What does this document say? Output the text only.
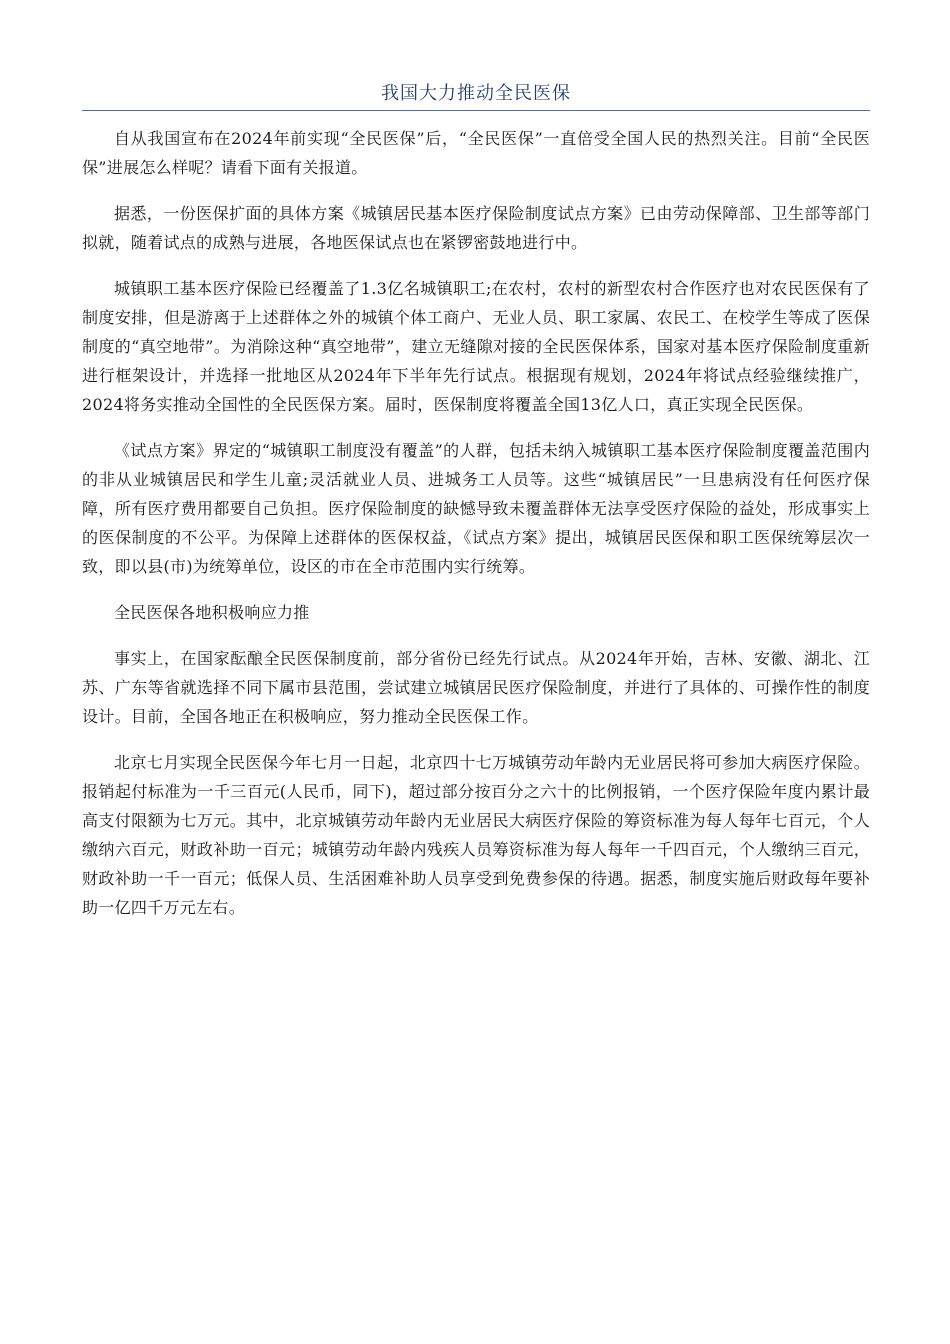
我国大力推动全民医保

自从我国宣布在2024年前实现“全民医保”后，“全民医保”一直倍受全国人民的热烈关注。目前“全民医保”进展怎么样呢？请看下面有关报道。

据悉，一份医保扩面的具体方案《城镇居民基本医疗保险制度试点方案》已由劳动保障部、卫生部等部门拟就，随着试点的成熟与进展，各地医保试点也在紧锣密鼓地进行中。

城镇职工基本医疗保险已经覆盖了1.3亿名城镇职工;在农村，农村的新型农村合作医疗也对农民医保有了制度安排，但是游离于上述群体之外的城镇个体工商户、无业人员、职工家属、农民工、在校学生等成了医保制度的“真空地带”。为消除这种“真空地带”，建立无缝隙对接的全民医保体系，国家对基本医疗保险制度重新进行框架设计，并选择一批地区从2024年下半年先行试点。根据现有规划，2024年将试点经验继续推广，2024将务实推动全国性的全民医保方案。届时，医保制度将覆盖全国13亿人口，真正实现全民医保。

《试点方案》界定的“城镇职工制度没有覆盖”的人群，包括未纳入城镇职工基本医疗保险制度覆盖范围内的非从业城镇居民和学生儿童;灵活就业人员、进城务工人员等。这些“城镇居民”一旦患病没有任何医疗保障，所有医疗费用都要自己负担。医疗保险制度的缺憾导致未覆盖群体无法享受医疗保险的益处，形成事实上的医保制度的不公平。为保障上述群体的医保权益，《试点方案》提出，城镇居民医保和职工医保统筹层次一致，即以县(市)为统筹单位，设区的市在全市范围内实行统筹。

全民医保各地积极响应力推

事实上，在国家酝酿全民医保制度前，部分省份已经先行试点。从2024年开始，吉林、安徽、湖北、江苏、广东等省就选择不同下属市县范围，尝试建立城镇居民医疗保险制度，并进行了具体的、可操作性的制度设计。目前，全国各地正在积极响应，努力推动全民医保工作。

北京七月实现全民医保今年七月一日起，北京四十七万城镇劳动年龄内无业居民将可参加大病医疗保险。报销起付标准为一千三百元(人民币，同下)，超过部分按百分之六十的比例报销，一个医疗保险年度内累计最高支付限额为七万元。其中，北京城镇劳动年龄内无业居民大病医疗保险的筹资标准为每人每年七百元，个人缴纳六百元，财政补助一百元；城镇劳动年龄内残疾人员筹资标准为每人每年一千四百元，个人缴纳三百元，财政补助一千一百元；低保人员、生活困难补助人员享受到免费参保的待遇。据悉，制度实施后财政每年要补助一亿四千万元左右。
